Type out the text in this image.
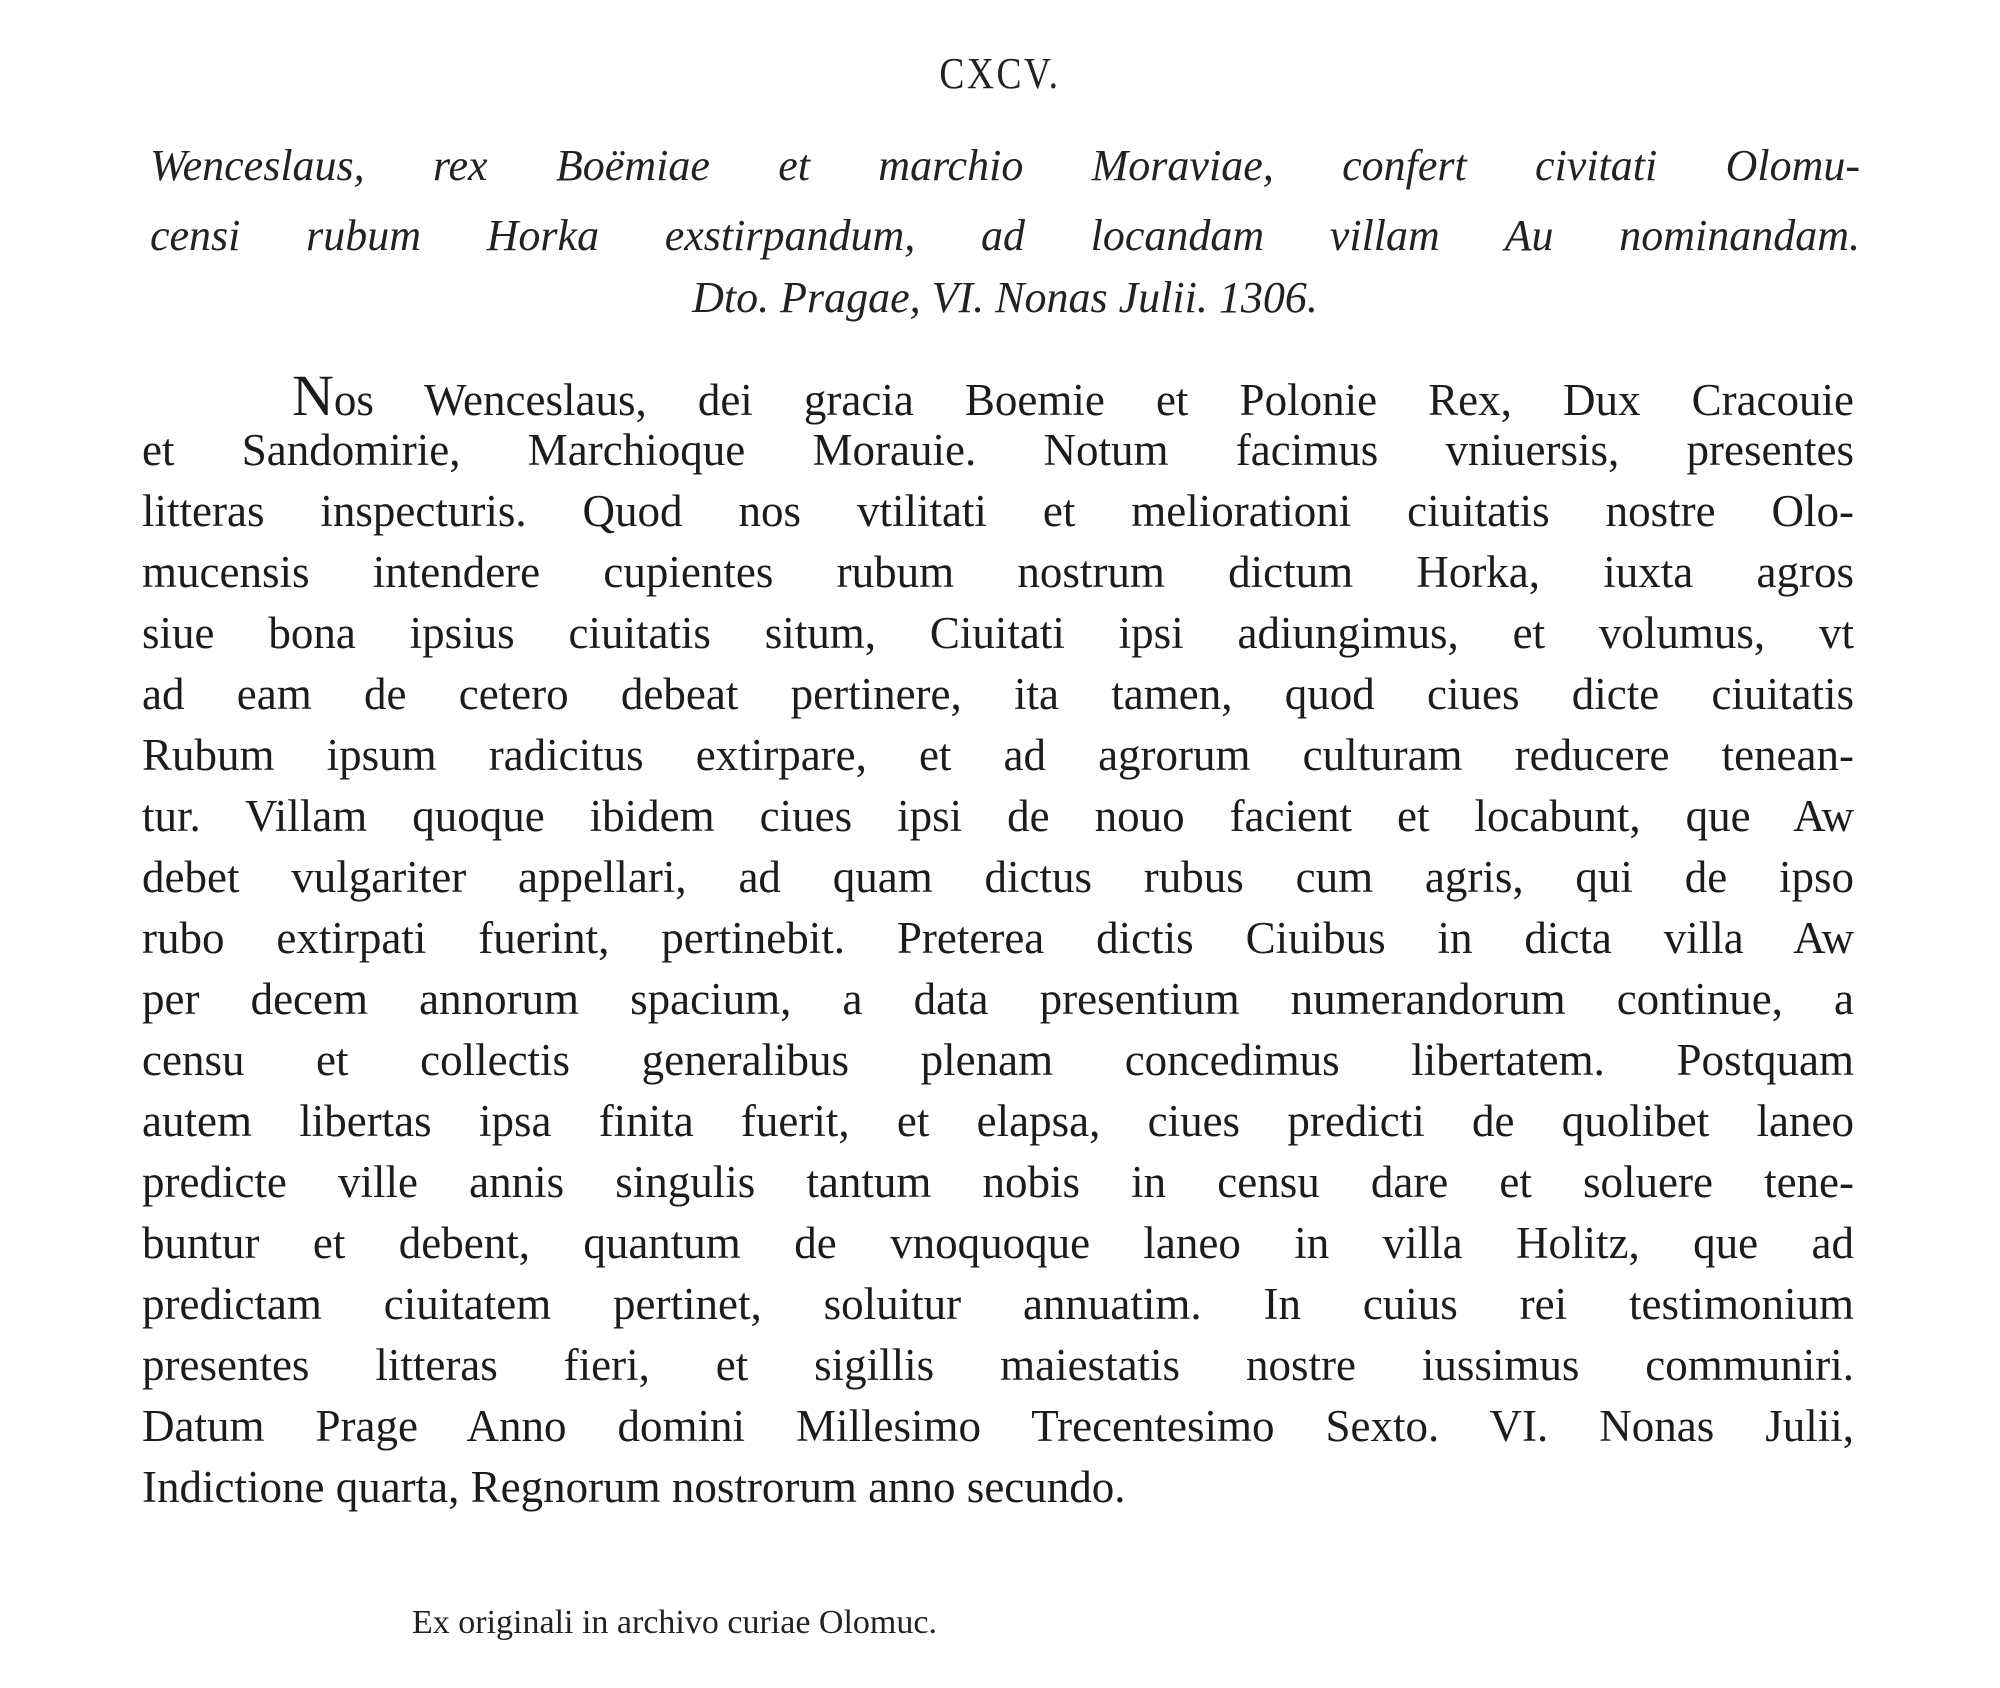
CXCV.
Wenceslaus, rex Boëmiae et marchio Moraviae, confert civitati Olomu-
censi rubum Horka exstirpandum, ad locandam villam Au nominandam.
Dto. Pragae, VI. Nonas Julii. 1306.
Nos Wenceslaus, dei gracia Boemie et Polonie Rex, Dux Cracouie
et Sandomirie, Marchioque Morauie. Notum facimus vniuersis, presentes
litteras inspecturis. Quod nos vtilitati et meliorationi ciuitatis nostre Olo-
mucensis intendere cupientes rubum nostrum dictum Horka, iuxta agros
siue bona ipsius ciuitatis situm, Ciuitati ipsi adiungimus, et volumus, vt
ad eam de cetero debeat pertinere, ita tamen, quod ciues dicte ciuitatis
Rubum ipsum radicitus extirpare, et ad agrorum culturam reducere tenean-
tur. Villam quoque ibidem ciues ipsi de nouo facient et locabunt, que Aw
debet vulgariter appellari, ad quam dictus rubus cum agris, qui de ipso
rubo extirpati fuerint, pertinebit. Preterea dictis Ciuibus in dicta villa Aw
per decem annorum spacium, a data presentium numerandorum continue, a
censu et collectis generalibus plenam concedimus libertatem. Postquam
autem libertas ipsa finita fuerit, et elapsa, ciues predicti de quolibet laneo
predicte ville annis singulis tantum nobis in censu dare et soluere tene-
buntur et debent, quantum de vnoquoque laneo in villa Holitz, que ad
predictam ciuitatem pertinet, soluitur annuatim. In cuius rei testimonium
presentes litteras fieri, et sigillis maiestatis nostre iussimus communiri.
Datum Prage Anno domini Millesimo Trecentesimo Sexto. VI. Nonas Julii,
Indictione quarta, Regnorum nostrorum anno secundo.
Ex originali in archivo curiae Olomuc.
